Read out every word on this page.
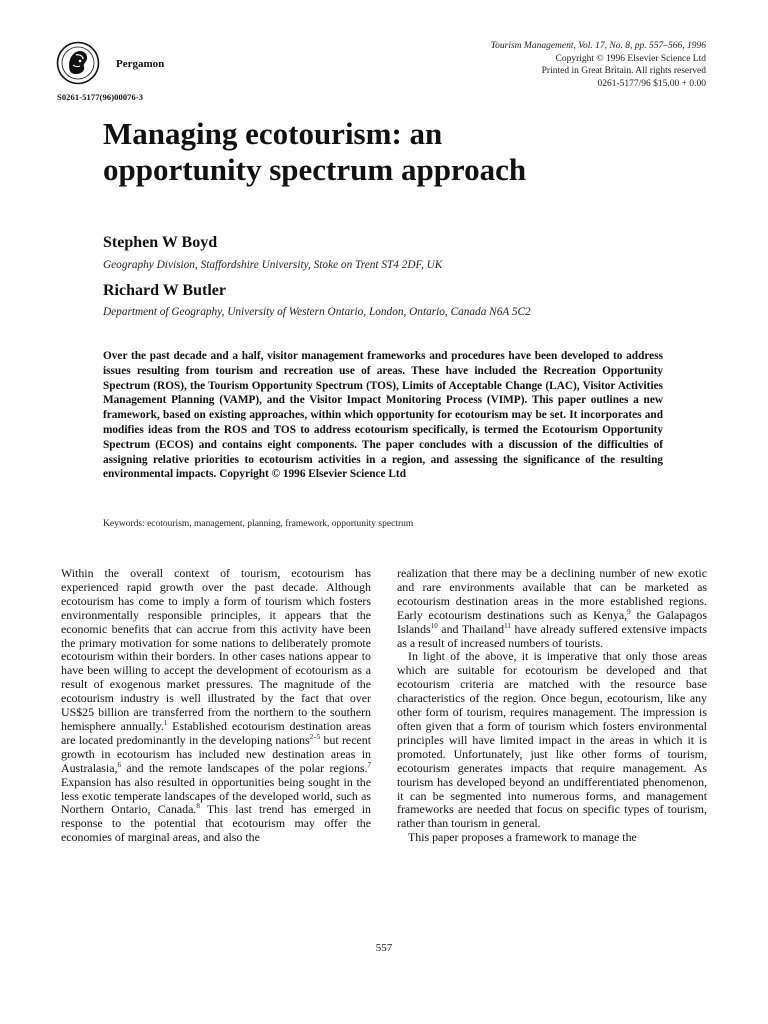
Pergamon
Tourism Management, Vol. 17, No. 8, pp. 557–566, 1996
Copyright © 1996 Elsevier Science Ltd
Printed in Great Britain. All rights reserved
0261-5177/96 $15.00 + 0.00
S0261-5177(96)00076-3
Managing ecotourism: an
opportunity spectrum approach

Stephen W Boyd

Geography Division, Staffordshire University, Stoke on Trent ST4 2DF, UK

Richard W Butler

Department of Geography, University of Western Ontario, London, Ontario, Canada N6A 5C2

Over the past decade and a half, visitor management frameworks and procedures have been developed to address issues resulting from tourism and recreation use of areas. These have included the Recreation Opportunity Spectrum (ROS), the Tourism Opportunity Spectrum (TOS), Limits of Acceptable Change (LAC), Visitor Activities Management Planning (VAMP), and the Visitor Impact Monitoring Process (VIMP). This paper outlines a new framework, based on existing approaches, within which opportunity for ecotourism may be set. It incorporates and modifies ideas from the ROS and TOS to address ecotourism specifically, is termed the Ecotourism Opportunity Spectrum (ECOS) and contains eight components. The paper concludes with a discussion of the difficulties of assigning relative priorities to ecotourism activities in a region, and assessing the significance of the resulting environmental impacts. Copyright © 1996 Elsevier Science Ltd

Keywords: ecotourism, management, planning, framework, opportunity spectrum

Within the overall context of tourism, ecotourism has experienced rapid growth over the past decade. Although ecotourism has come to imply a form of tourism which fosters environmentally responsible principles, it appears that the economic benefits that can accrue from this activity have been the primary motivation for some nations to deliberately promote ecotourism within their borders. In other cases nations appear to have been willing to accept the development of ecotourism as a result of exogenous market pressures. The magnitude of the ecotourism industry is well illustrated by the fact that over US$25 billion are transferred from the northern to the southern hemisphere annually.$^1$ Established ecotourism destination areas are located predominantly in the developing nations$^{2-5}$ but recent growth in ecotourism has included new destination areas in Australasia,$^6$ and the remote landscapes of the polar regions.$^7$ Expansion has also resulted in opportunities being sought in the less exotic temperate landscapes of the developed world, such as Northern Ontario, Canada.$^8$ This last trend has emerged in response to the potential that ecotourism may offer the economies of marginal areas, and also the

realization that there may be a declining number of new exotic and rare environments available that can be marketed as ecotourism destination areas in the more established regions. Early ecotourism destinations such as Kenya,$^9$ the Galapagos Islands$^{10}$ and Thailand$^{11}$ have already suffered extensive impacts as a result of increased numbers of tourists.

In light of the above, it is imperative that only those areas which are suitable for ecotourism be developed and that ecotourism criteria are matched with the resource base characteristics of the region. Once begun, ecotourism, like any other form of tourism, requires management. The impression is often given that a form of tourism which fosters environmental principles will have limited impact in the areas in which it is promoted. Unfortunately, just like other forms of tourism, ecotourism generates impacts that require management. As tourism has developed beyond an undifferentiated phenomenon, it can be segmented into numerous forms, and management frameworks are needed that focus on specific types of tourism, rather than tourism in general.

This paper proposes a framework to manage the

557
